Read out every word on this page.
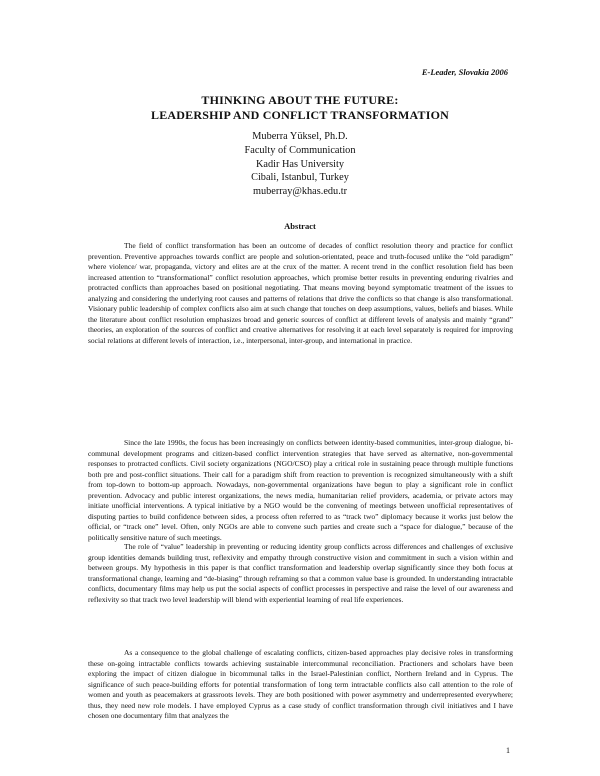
E-Leader, Slovakia 2006
THINKING ABOUT THE FUTURE:
LEADERSHIP AND CONFLICT TRANSFORMATION
Muberra Yüksel, Ph.D.
Faculty of Communication
Kadir Has University
Cibali, Istanbul, Turkey
muberray@khas.edu.tr
Abstract

The field of conflict transformation has been an outcome of decades of conflict resolution theory and practice for conflict prevention. Preventive approaches towards conflict are people and solution-orientated, peace and truth-focused unlike the “old paradigm” where violence/ war, propaganda, victory and elites are at the crux of the matter. A recent trend in the conflict resolution field has been increased attention to “transformational” conflict resolution approaches, which promise better results in preventing enduring rivalries and protracted conflicts than approaches based on positional negotiating. That means moving beyond symptomatic treatment of the issues to analyzing and considering the underlying root causes and patterns of relations that drive the conflicts so that change is also transformational. Visionary public leadership of complex conflicts also aim at such change that touches on deep assumptions, values, beliefs and biases. While the literature about conflict resolution emphasizes broad and generic sources of conflict at different levels of analysis and mainly “grand” theories, an exploration of the sources of conflict and creative alternatives for resolving it at each level separately is required for improving social relations at different levels of interaction, i.e., interpersonal, inter-group, and international in practice.

Since the late 1990s, the focus has been increasingly on conflicts between identity-based communities, inter-group dialogue, bi-communal development programs and citizen-based conflict intervention strategies that have served as alternative, non-governmental responses to protracted conflicts. Civil society organizations (NGO/CSO) play a critical role in sustaining peace through multiple functions both pre and post-conflict situations. Their call for a paradigm shift from reaction to prevention is recognized simultaneously with a shift from top-down to bottom-up approach. Nowadays, non-governmental organizations have begun to play a significant role in conflict prevention. Advocacy and public interest organizations, the news media, humanitarian relief providers, academia, or private actors may initiate unofficial interventions. A typical initiative by a NGO would be the convening of meetings between unofficial representatives of disputing parties to build confidence between sides, a process often referred to as “track two” diplomacy because it works just below the official, or “track one” level. Often, only NGOs are able to convene such parties and create such a “space for dialogue,” because of the politically sensitive nature of such meetings.

The role of “value” leadership in preventing or reducing identity group conflicts across differences and challenges of exclusive group identities demands building trust, reflexivity and empathy through constructive vision and commitment in such a vision within and between groups. My hypothesis in this paper is that conflict transformation and leadership overlap significantly since they both focus at transformational change, learning and “de-biasing” through reframing so that a common value base is grounded. In understanding intractable conflicts, documentary films may help us put the social aspects of conflict processes in perspective and raise the level of our awareness and reflexivity so that track two level leadership will blend with experiential learning of real life experiences.

As a consequence to the global challenge of escalating conflicts, citizen-based approaches play decisive roles in transforming these on-going intractable conflicts towards achieving sustainable intercommunal reconciliation. Practioners and scholars have been exploring the impact of citizen dialogue in bicommunal talks in the Israel-Palestinian conflict, Northern Ireland and in Cyprus. The significance of such peace-building efforts for potential transformation of long term intractable conflicts also call attention to the role of women and youth as peacemakers at grassroots levels. They are both positioned with power asymmetry and underrepresented everywhere; thus, they need new role models. I have employed Cyprus as a case study of conflict transformation through civil initiatives and I have chosen one documentary film that analyzes the

1
